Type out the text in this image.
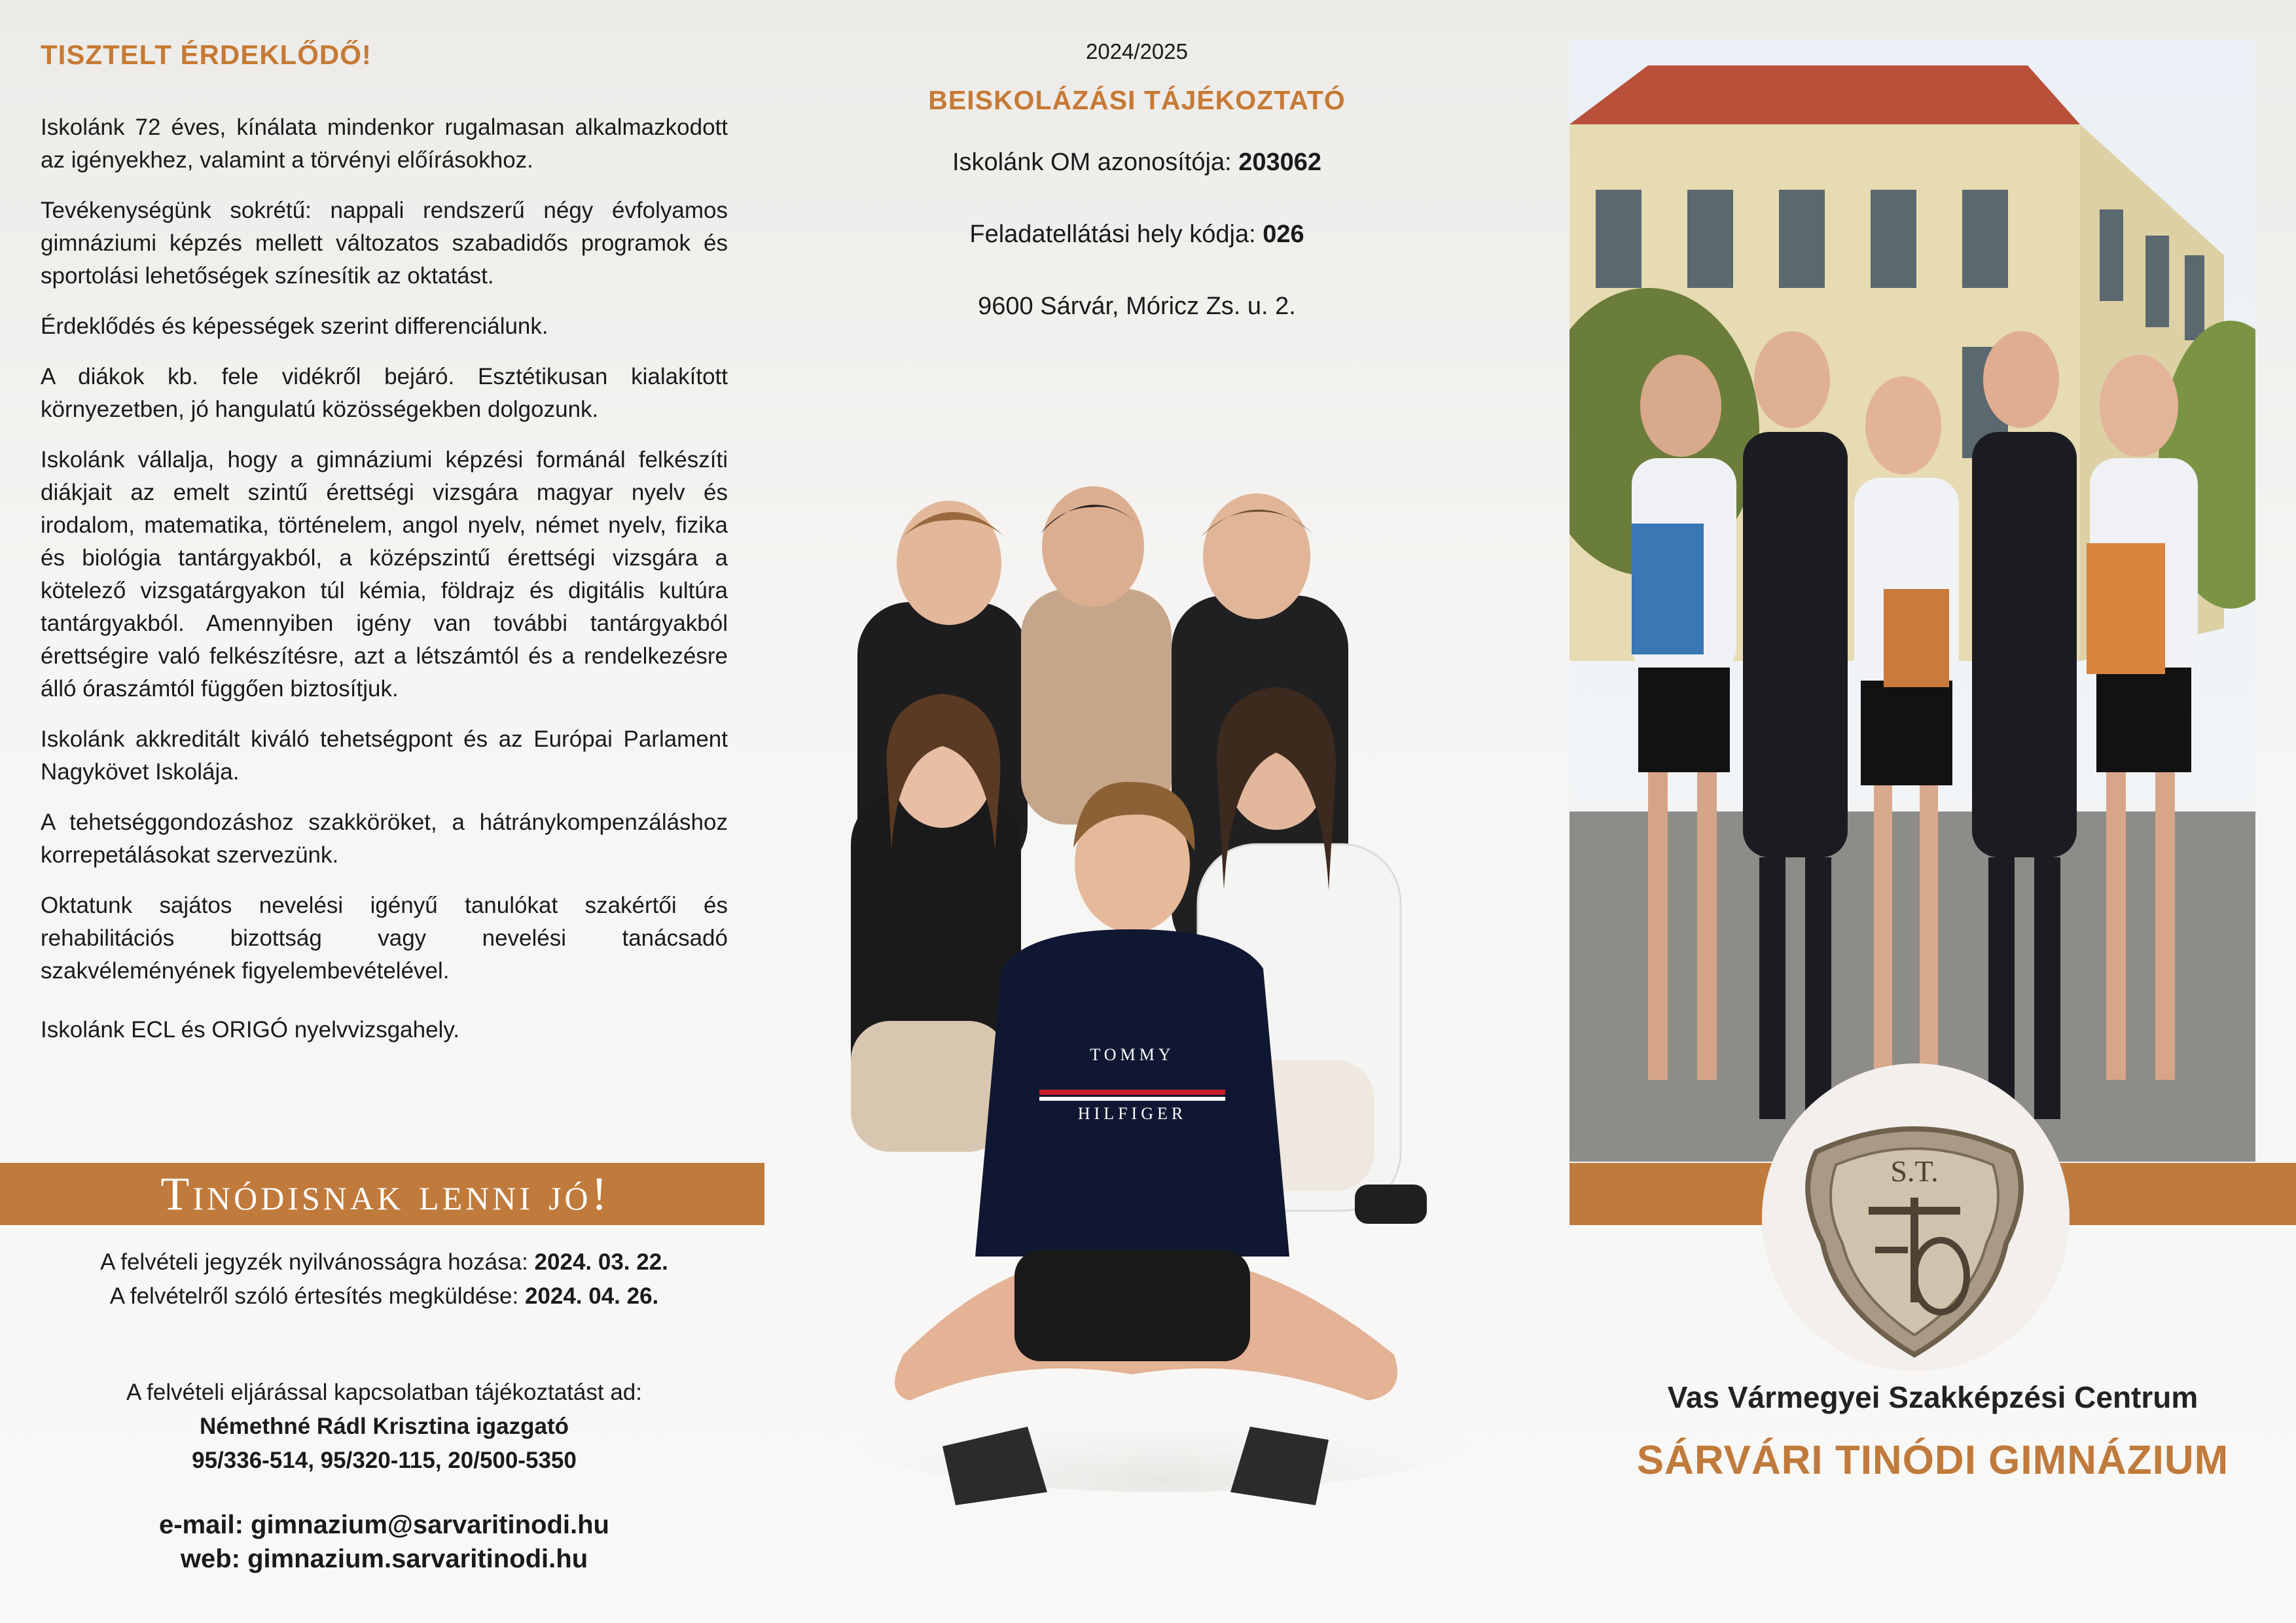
TISZTELT ÉRDEKLŐDŐ!

Iskolánk 72 éves, kínálata mindenkor rugalmasan alkalmazkodott az igényekhez, valamint a törvényi előírásokhoz.

Tevékenységünk sokrétű: nappali rendszerű négy évfolyamos gimnáziumi képzés mellett változatos szabadidős programok és sportolási lehetőségek színesítik az oktatást.

Érdeklődés és képességek szerint differenciálunk.

A diákok kb. fele vidékről bejáró. Esztétikusan kialakított környezetben, jó hangulatú közösségekben dolgozunk.

Iskolánk vállalja, hogy a gimnáziumi képzési formánál felkészíti diákjait az emelt szintű érettségi vizsgára magyar nyelv és irodalom, matematika, történelem, angol nyelv, német nyelv, fizika és biológia tantárgyakból, a középszintű érettségi vizsgára a kötelező vizsgatárgyakon túl kémia, földrajz és digitális kultúra tantárgyakból. Amennyiben igény van további tantárgyakból érettségire való felkészítésre, azt a létszámtól és a rendelkezésre álló óraszámtól függően biztosítjuk.

Iskolánk akkreditált kiváló tehetségpont és az Európai Parlament Nagykövet Iskolája.

A tehetséggondozáshoz szakköröket, a hátránykompenzáláshoz korrepetálásokat szervezünk.

Oktatunk sajátos nevelési igényű tanulókat szakértői és rehabilitációs bizottság vagy nevelési tanácsadó szakvéleményének figyelembevételével.

Iskolánk ECL és ORIGÓ nyelvvizsgahely.

Tinódisnak lenni jó!
A felvételi jegyzék nyilvánosságra hozása: 2024. 03. 22.
A felvételről szóló értesítés megküldése: 2024. 04. 26.
A felvételi eljárással kapcsolatban tájékoztatást ad:
Némethné Rádl Krisztina igazgató
95/336-514, 95/320-115, 20/500-5350
e-mail: gimnazium@sarvaritinodi.hu
web: gimnazium.sarvaritinodi.hu
2024/2025
BEISKOLÁZÁSI TÁJÉKOZTATÓ
Iskolánk OM azonosítója: 203062
Feladatellátási hely kódja: 026
9600 Sárvár, Móricz Zs. u. 2.
TOMMY
HILFIGER
S.T.
Vas Vármegyei Szakképzési Centrum
SÁRVÁRI TINÓDI GIMNÁZIUM
